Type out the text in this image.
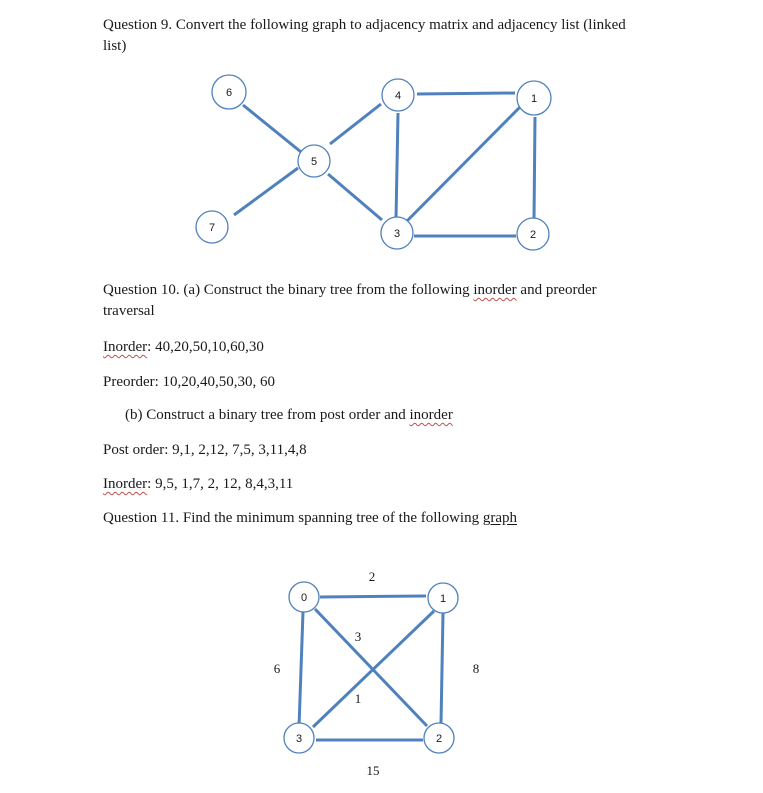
Question 9. Convert the following graph to adjacency matrix and adjacency list (linked

list)

6
5
7
4	1
3	2
0	1
3	2
2
3
6
1
8
15

Question 10. (a) Construct the binary tree from the following inorder and preorder

traversal

Inorder: 40,20,50,10,60,30

Preorder: 10,20,40,50,30, 60

(b) Construct a binary tree from post order and inorder

Post order: 9,1, 2,12, 7,5, 3,11,4,8

Inorder: 9,5, 1,7, 2, 12, 8,4,3,11

Question 11. Find the minimum spanning tree of the following graph
